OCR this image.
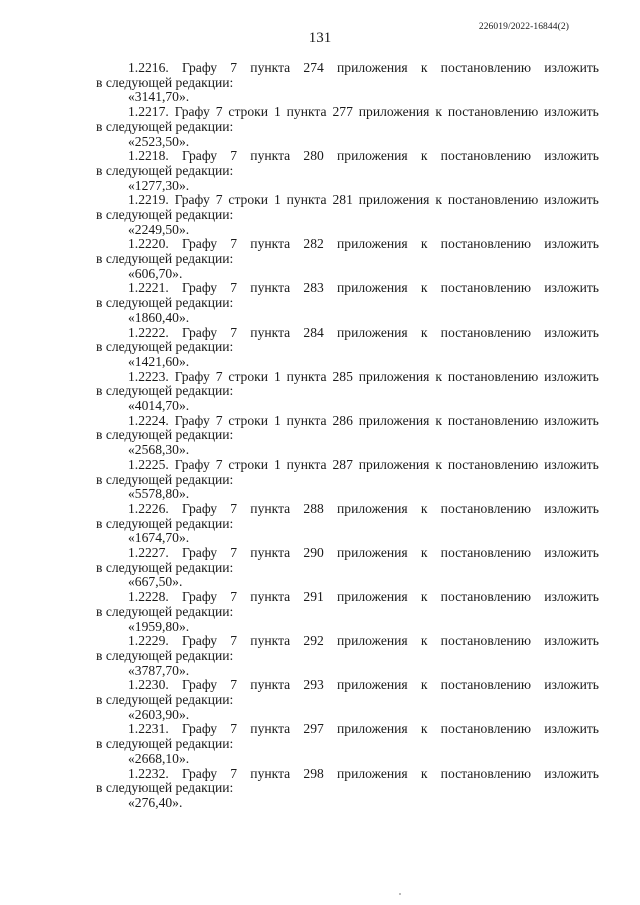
131
226019/2022-16844(2)
1.2216. Графу 7 пункта 274 приложения к постановлению изложить
в следующей редакции:
«3141,70».
1.2217. Графу 7 строки 1 пункта 277 приложения к постановлению изложить
в следующей редакции:
«2523,50».
1.2218. Графу 7 пункта 280 приложения к постановлению изложить
в следующей редакции:
«1277,30».
1.2219. Графу 7 строки 1 пункта 281 приложения к постановлению изложить
в следующей редакции:
«2249,50».
1.2220. Графу 7 пункта 282 приложения к постановлению изложить
в следующей редакции:
«606,70».
1.2221. Графу 7 пункта 283 приложения к постановлению изложить
в следующей редакции:
«1860,40».
1.2222. Графу 7 пункта 284 приложения к постановлению изложить
в следующей редакции:
«1421,60».
1.2223. Графу 7 строки 1 пункта 285 приложения к постановлению изложить
в следующей редакции:
«4014,70».
1.2224. Графу 7 строки 1 пункта 286 приложения к постановлению изложить
в следующей редакции:
«2568,30».
1.2225. Графу 7 строки 1 пункта 287 приложения к постановлению изложить
в следующей редакции:
«5578,80».
1.2226. Графу 7 пункта 288 приложения к постановлению изложить
в следующей редакции:
«1674,70».
1.2227. Графу 7 пункта 290 приложения к постановлению изложить
в следующей редакции:
«667,50».
1.2228. Графу 7 пункта 291 приложения к постановлению изложить
в следующей редакции:
«1959,80».
1.2229. Графу 7 пункта 292 приложения к постановлению изложить
в следующей редакции:
«3787,70».
1.2230. Графу 7 пункта 293 приложения к постановлению изложить
в следующей редакции:
«2603,90».
1.2231. Графу 7 пункта 297 приложения к постановлению изложить
в следующей редакции:
«2668,10».
1.2232. Графу 7 пункта 298 приложения к постановлению изложить
в следующей редакции:
«276,40».
